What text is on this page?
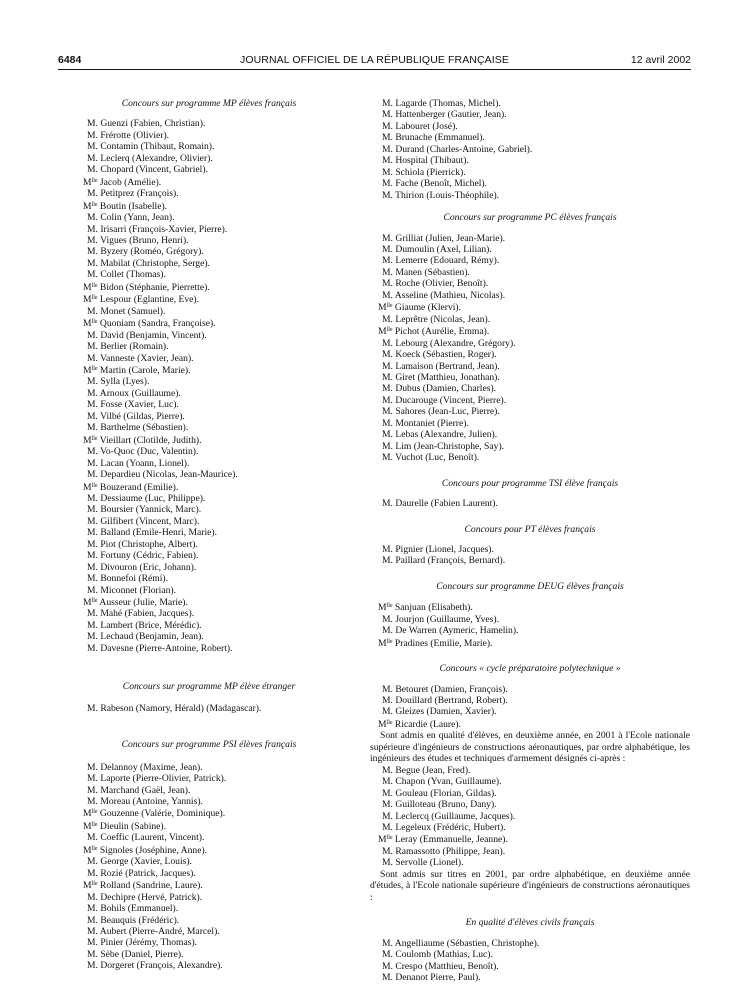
6484	JOURNAL OFFICIEL DE LA RÉPUBLIQUE FRANÇAISE	12 avril 2002

Concours sur programme MP élèves français

M. Guenzi (Fabien, Christian).
M. Frérotte (Olivier).
M. Contamin (Thibaut, Romain).
M. Leclerq (Alexandre, Olivier).
M. Chopard (Vincent, Gabriel).
$M^{lle}$ Jacob (Amélie).
M. Petitprez (François).
$M^{lle}$ Boutin (Isabelle).
M. Colin (Yann, Jean).
M. Irisarri (François-Xavier, Pierre).
M. Vigues (Bruno, Henri).
M. Byzery (Roméo, Grégory).
M. Mabilat (Christophe, Serge).
M. Collet (Thomas).
$M^{lle}$ Bidon (Stéphanie, Pierrette).
$M^{lle}$ Lespour (Eglantine, Eve).
M. Monet (Samuel).
$M^{lle}$ Quoniam (Sandra, Françoise).
M. David (Benjamin, Vincent).
M. Berlier (Romain).
M. Vanneste (Xavier, Jean).
$M^{lle}$ Martin (Carole, Marie).
M. Sylla (Lyes).
M. Arnoux (Guillaume).
M. Fosse (Xavier, Luc).
M. Vilbé (Gildas, Pierre).
M. Barthelme (Sébastien).
$M^{lle}$ Vieillart (Clotilde, Judith).
M. Vo-Quoc (Duc, Valentin).
M. Lacan (Yoann, Lionel).
M. Depardieu (Nicolas, Jean-Maurice).
$M^{lle}$ Bouzerand (Emilie).
M. Dessiaume (Luc, Philippe).
M. Boursier (Yannick, Marc).
M. Gilfibert (Vincent, Marc).
M. Balland (Emile-Henri, Marie).
M. Piot (Christophe, Albert).
M. Fortuny (Cédric, Fabien).
M. Divouron (Eric, Johann).
M. Bonnefoi (Rémi).
M. Miconnet (Florian).
$M^{lle}$ Ausseur (Julie, Marie).
M. Mahé (Fabien, Jacques).
M. Lambert (Brice, Mérédic).
M. Lechaud (Benjamin, Jean).
M. Davesne (Pierre-Antoine, Robert).

Concours sur programme MP élève étranger

M. Rabeson (Namory, Hérald) (Madagascar).

Concours sur programme PSI élèves français

M. Delannoy (Maxime, Jean).
M. Laporte (Pierre-Olivier, Patrick).
M. Marchand (Gaël, Jean).
M. Moreau (Antoine, Yannis).
$M^{lle}$ Gouzenne (Valérie, Dominique).
$M^{lle}$ Dieulin (Sabine).
M. Coeffic (Laurent, Vincent).
$M^{lle}$ Signoles (Joséphine, Anne).
M. George (Xavier, Louis).
M. Rozié (Patrick, Jacques).
$M^{lle}$ Rolland (Sandrine, Laure).
M. Dechipre (Hervé, Patrick).
M. Bohils (Emmanuel).
M. Beauquis (Frédéric).
M. Aubert (Pierre-André, Marcel).
M. Pinier (Jérémy, Thomas).
M. Sèbe (Daniel, Pierre).
M. Dorgeret (François, Alexandre).
M. Lagarde (Thomas, Michel).
M. Hattenberger (Gautier, Jean).
M. Labouret (José).
M. Brunache (Emmanuel).
M. Durand (Charles-Antoine, Gabriel).
M. Hospital (Thibaut).
M. Schiola (Pierrick).
M. Fache (Benoît, Michel).
M. Thirion (Louis-Théophile).

Concours sur programme PC élèves français

M. Grilliat (Julien, Jean-Marie).
M. Dumoulin (Axel, Lilian).
M. Lemerre (Edouard, Rémy).
M. Manen (Sébastien).
M. Roche (Olivier, Benoît).
M. Asseline (Mathieu, Nicolas).
$M^{lle}$ Giaume (Klervi).
M. Leprêtre (Nicolas, Jean).
$M^{lle}$ Pichot (Aurélie, Emma).
M. Lebourg (Alexandre, Grégory).
M. Koeck (Sébastien, Roger).
M. Lamaison (Bertrand, Jean).
M. Giret (Matthieu, Jonathan).
M. Dubus (Damien, Charles).
M. Ducarouge (Vincent, Pierre).
M. Sahores (Jean-Luc, Pierre).
M. Montaniet (Pierre).
M. Lebas (Alexandre, Julien).
M. Lim (Jean-Christophe, Say).
M. Vuchot (Luc, Benoît).

Concours pour programme TSI élève français

M. Daurelle (Fabien Laurent).

Concours pour PT élèves français

M. Pignier (Lionel, Jacques).
M. Paillard (François, Bernard).

Concours sur programme DEUG élèves français

$M^{lle}$ Sanjuan (Elisabeth).
M. Jourjon (Guillaume, Yves).
M. De Warren (Aymeric, Hamelin).
$M^{lle}$ Pradines (Emilie, Marie).

Concours « cycle préparatoire polytechnique »

M. Betouret (Damien, François).
M. Douillard (Bertrand, Robert).
M. Gleizes (Damien, Xavier).
$M^{lle}$ Ricardie (Laure).

Sont admis en qualité d'élèves, en deuxième année, en 2001 à l'Ecole nationale supérieure d'ingénieurs de constructions aéronautiques, par ordre alphabétique, les ingénieurs des études et techniques d'armement désignés ci-après :

M. Begue (Jean, Fred).
M. Chapon (Yvan, Guillaume).
M. Gouleau (Florian, Gildas).
M. Guilloteau (Bruno, Dany).
M. Leclercq (Guillaume, Jacques).
M. Legeleux (Frédéric, Hubert).
$M^{lle}$ Leray (Emmanuelle, Jeanne).
M. Ramassotto (Philippe, Jean).
M. Servolle (Lionel).

Sont admis sur titres en 2001, par ordre alphabétique, en deuxième année d'études, à l'Ecole nationale supérieure d'ingénieurs de constructions aéronautiques :

En qualité d'élèves civils français

M. Angelliaume (Sébastien, Christophe).
M. Coulomb (Mathias, Luc).
M. Crespo (Matthieu, Benoît).
M. Denanot Pierre, Paul).
